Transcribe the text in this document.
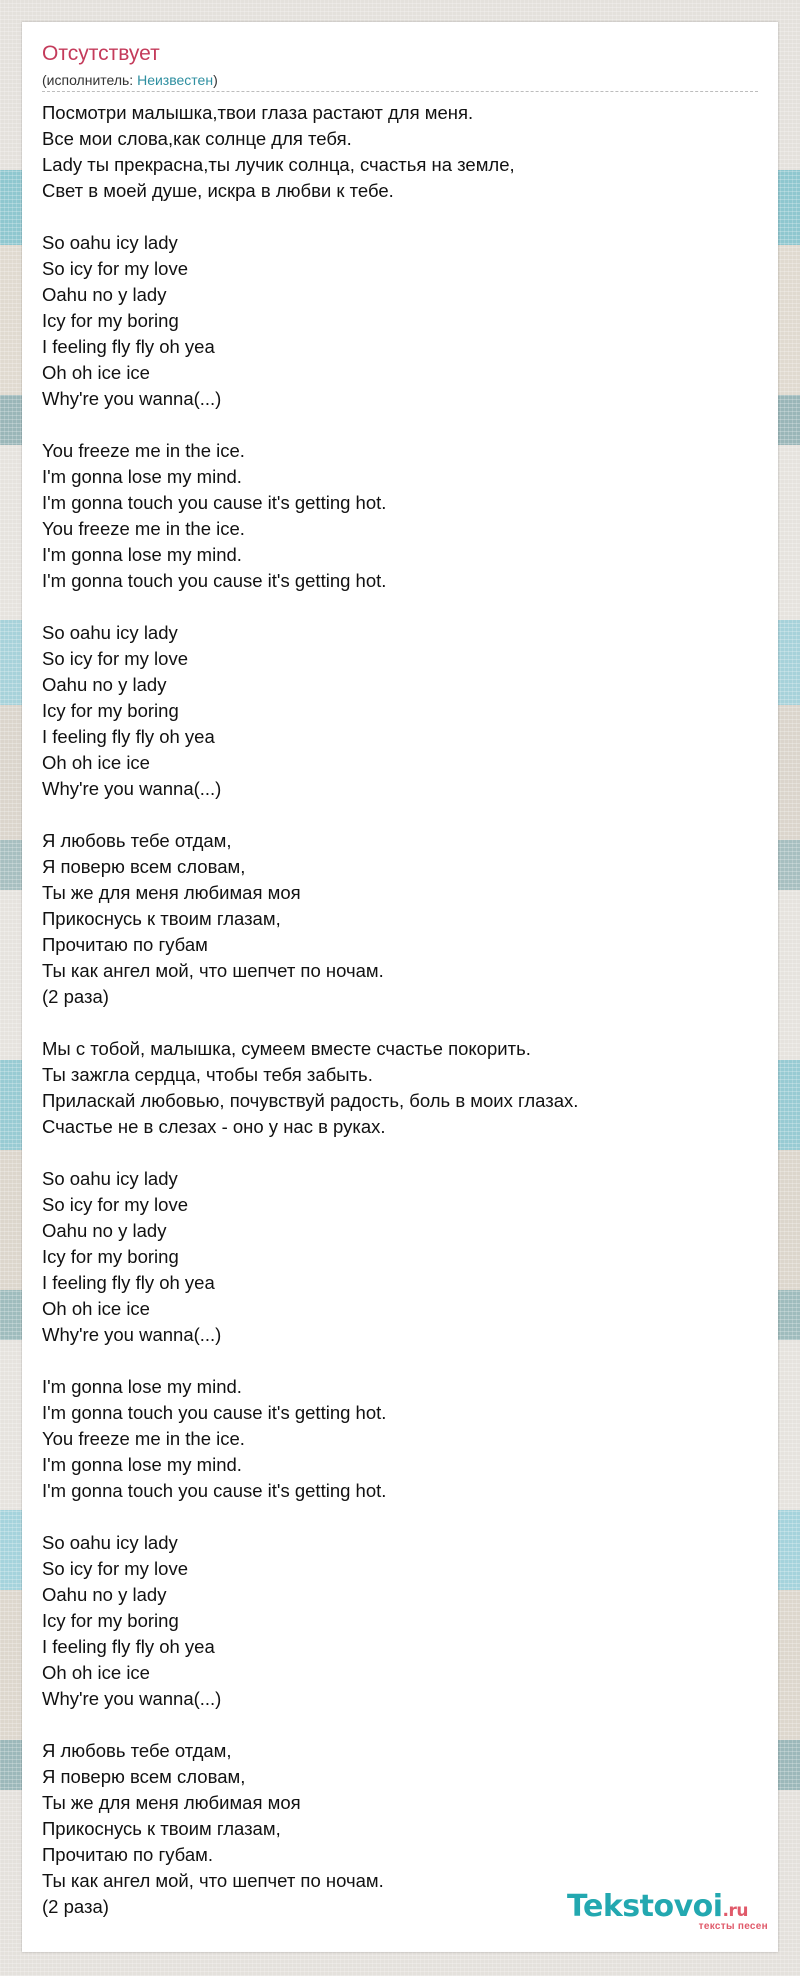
Отсутствует
(исполнитель: Неизвестен)
Посмотри малышка,твои глаза растают для меня.
Все мои слова,как солнце для тебя.
Lady ты прекрасна,ты лучик солнца, счастья на земле,
Свет в моей душе, искра в любви к тебе.
So oahu icy lady
So icy for my love
Oahu no y lady
Icy for my boring
I feeling fly fly oh yea
Oh oh ice ice
Why're you wanna(...)
You freeze me in the ice.
I'm gonna lose my mind.
I'm gonna touch you cause it's getting hot.
You freeze me in the ice.
I'm gonna lose my mind.
I'm gonna touch you cause it's getting hot.
So oahu icy lady
So icy for my love
Oahu no y lady
Icy for my boring
I feeling fly fly oh yea
Oh oh ice ice
Why're you wanna(...)
Я любовь тебе отдам,
Я поверю всем словам,
Ты же для меня любимая моя
Прикоснусь к твоим глазам,
Прочитаю по губам
Ты как ангел мой, что шепчет по ночам.
(2 раза)
Мы с тобой, малышка, сумеем вместе счастье покорить.
Ты зажгла сердца, чтобы тебя забыть.
Приласкай любовью, почувствуй радость, боль в моих глазах.
Счастье не в слезах - оно у нас в руках.
So oahu icy lady
So icy for my love
Oahu no y lady
Icy for my boring
I feeling fly fly oh yea
Oh oh ice ice
Why're you wanna(...)
I'm gonna lose my mind.
I'm gonna touch you cause it's getting hot.
You freeze me in the ice.
I'm gonna lose my mind.
I'm gonna touch you cause it's getting hot.
So oahu icy lady
So icy for my love
Oahu no y lady
Icy for my boring
I feeling fly fly oh yea
Oh oh ice ice
Why're you wanna(...)
Я любовь тебе отдам,
Я поверю всем словам,
Ты же для меня любимая моя
Прикоснусь к твоим глазам,
Прочитаю по губам.
Ты как ангел мой, что шепчет по ночам.
(2 раза)	Tekstovoi.ru
тексты песен
